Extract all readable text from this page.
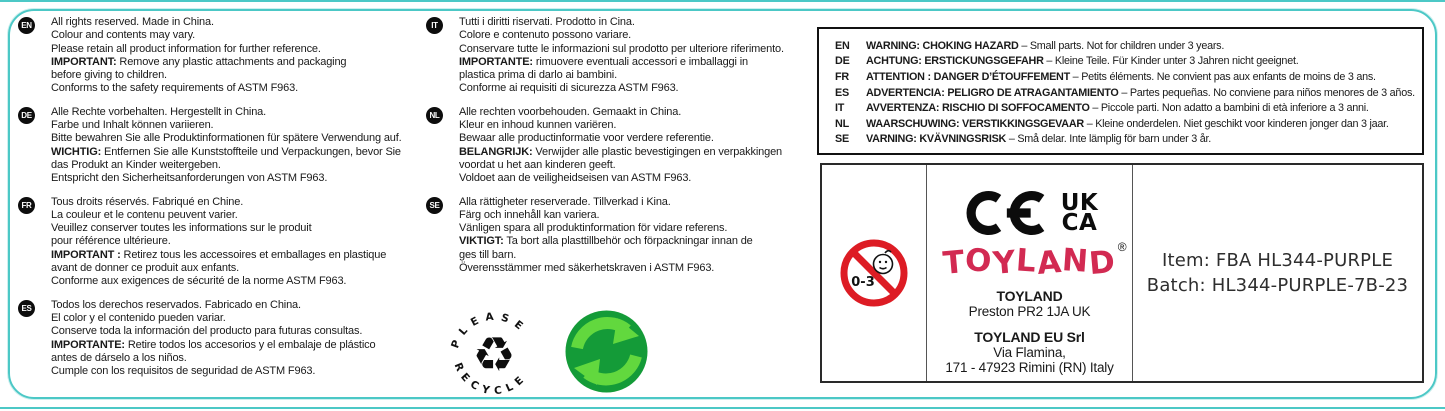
EN All rights reserved. Made in China.
Colour and contents may vary.
Please retain all product information for further reference.
IMPORTANT: Remove any plastic attachments and packaging
before giving to children.
Conforms to the safety requirements of ASTM F963.
DE Alle Rechte vorbehalten. Hergestellt in China.
Farbe und Inhalt können variieren.
Bitte bewahren Sie alle Produktinformationen für spätere Verwendung auf.
WICHTIG: Entfernen Sie alle Kunststoffteile und Verpackungen, bevor Sie
das Produkt an Kinder weitergeben.
Entspricht den Sicherheitsanforderungen von ASTM F963.
FR	Tous droits réservés. Fabriqué en Chine.
La couleur et le contenu peuvent varier.
Veuillez conserver toutes les informations sur le produit
pour référence ultérieure.
IMPORTANT : Retirez tous les accessoires et emballages en plastique
avant de donner ce produit aux enfants.
Conforme aux exigences de sécurité de la norme ASTM F963.
ES	Todos los derechos reservados. Fabricado en China.
El color y el contenido pueden variar.
Conserve toda la información del producto para futuras consultas.
IMPORTANTE: Retire todos los accesorios y el embalaje de plástico
antes de dárselo a los niños.
Cumple con los requisitos de seguridad de ASTM F963.
IT	Tutti i diritti riservati. Prodotto in Cina.
Colore e contenuto possono variare.
Conservare tutte le informazioni sul prodotto per ulteriore riferimento.
IMPORTANTE: rimuovere eventuali accessori e imballaggi in
plastica prima di darlo ai bambini.
Conforme ai requisiti di sicurezza ASTM F963.
NL	Alle rechten voorbehouden. Gemaakt in China.
Kleur en inhoud kunnen variëren.
Bewaar alle productinformatie voor verdere referentie.
BELANGRIJK: Verwijder alle plastic bevestigingen en verpakkingen
voordat u het aan kinderen geeft.
Voldoet aan de veiligheidseisen van ASTM F963.
SE	Alla rättigheter reserverade. Tillverkad i Kina.
Färg och innehåll kan variera.
Vänligen spara all produktinformation för vidare referens.
VIKTIGT: Ta bort alla plasttillbehör och förpackningar innan de
ges till barn.
Överensstämmer med säkerhetskraven i ASTM F963.
P L E A S E
R E C Y C L E
♻
EN	WARNING: CHOKING HAZARD – Small parts. Not for children under 3 years.
DE	ACHTUNG: ERSTICKUNGSGEFAHR – Kleine Teile. Für Kinder unter 3 Jahren nicht geeignet.
FR	ATTENTION : DANGER D’ÉTOUFFEMENT – Petits éléments. Ne convient pas aux enfants de moins de 3 ans.
ES	ADVERTENCIA: PELIGRO DE ATRAGANTAMIENTO – Partes pequeñas. No conviene para niños menores de 3 años.
IT	AVVERTENZA: RISCHIO DI SOFFOCAMENTO – Piccole parti. Non adatto a bambini di età inferiore a 3 anni.
NL	WAARSCHUWING: VERSTIKKINGSGEVAAR – Kleine onderdelen. Niet geschikt voor kinderen jonger dan 3 jaar.
SE	VARNING: KVÄVNINGSRISK – Små delar. Inte lämplig för barn under 3 år.
0-3
UK
CA
TOYLAND ®
TOYLAND
Preston PR2 1JA UK
TOYLAND EU Srl
Via Flamina,
171 - 47923 Rimini (RN) Italy
Item: FBA HL344-PURPLE
Batch: HL344-PURPLE-7B-23
